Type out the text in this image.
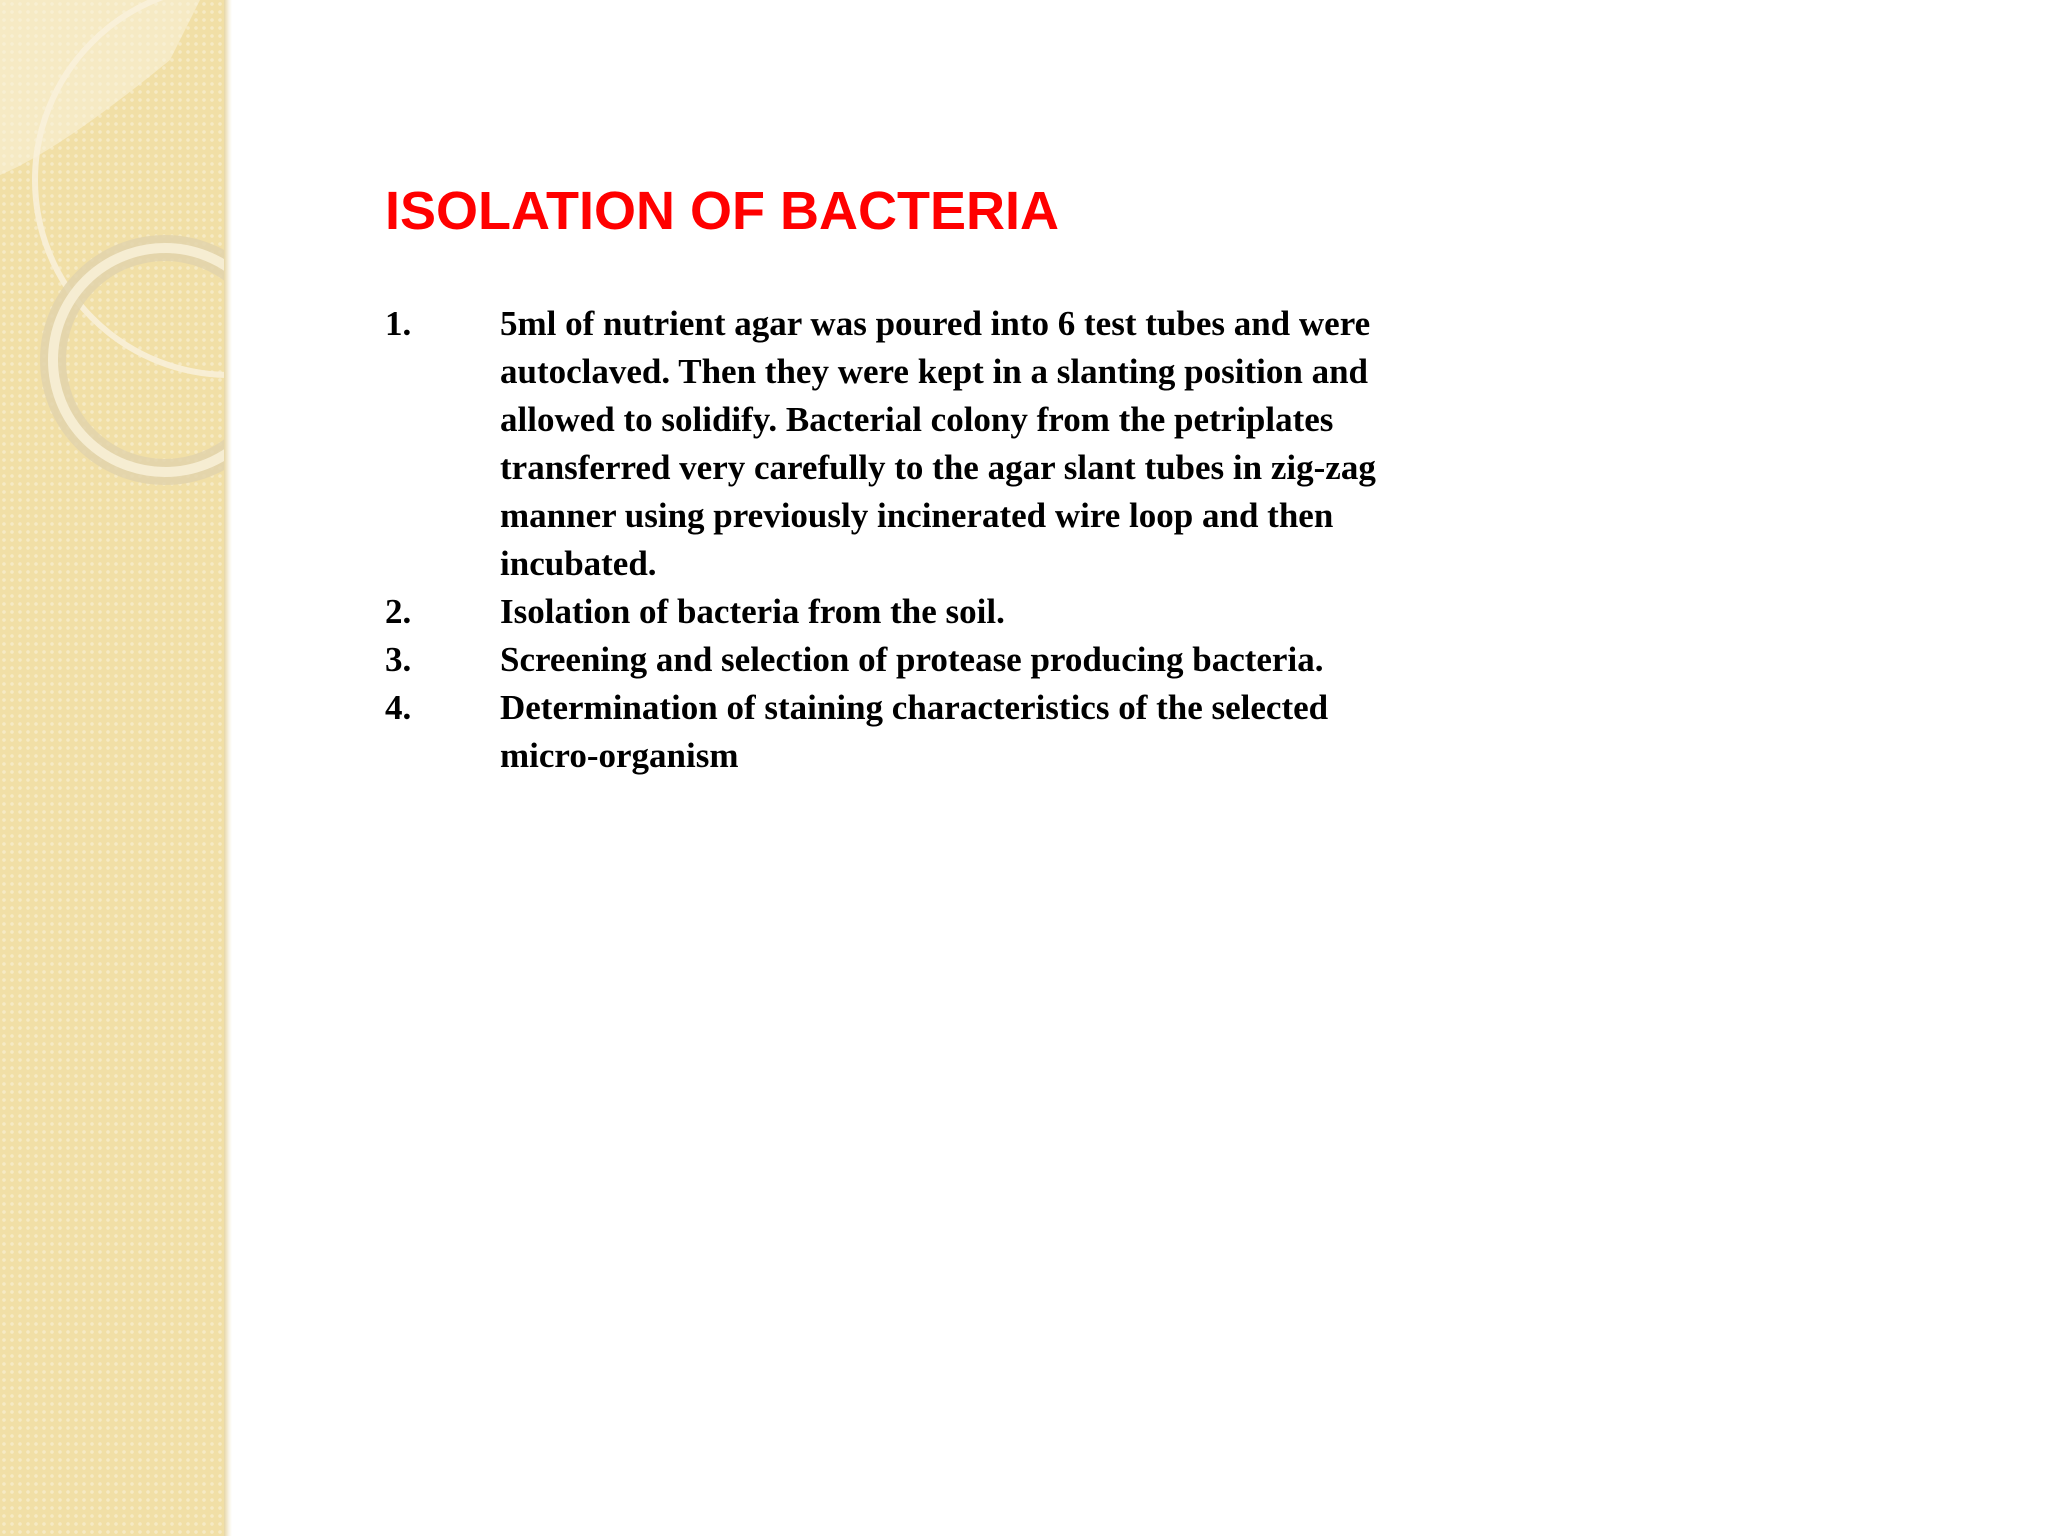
ISOLATION OF BACTERIA
1.	5ml of nutrient agar was poured into 6 test tubes and were
autoclaved. Then they were kept in a slanting position and
allowed to solidify. Bacterial colony from the petriplates
transferred very carefully to the agar slant tubes in zig-zag
manner using previously incinerated wire loop and then
incubated.
2.	Isolation of bacteria from the soil.
3.	Screening and selection of protease producing bacteria.
4.	Determination of staining characteristics of the selected
micro-organism
